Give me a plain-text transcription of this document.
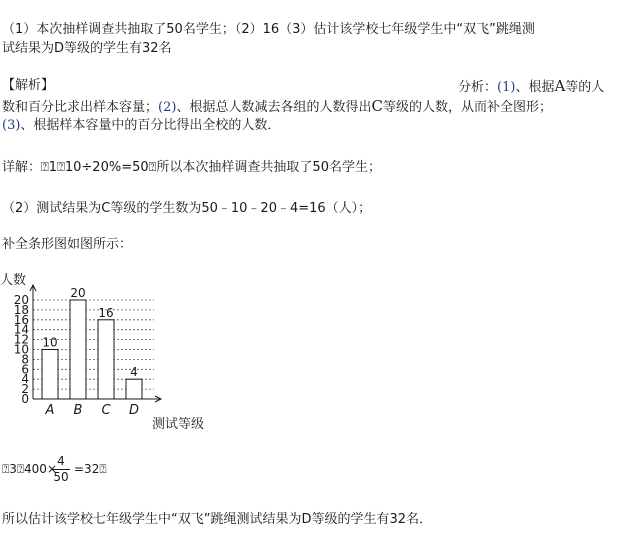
（1）本次抽样调查共抽取了50名学生；（2）16（3）估计该学校七年级学生中“双飞”跳绳测
试结果为D等级的学生有32名
【解析】	分析：(1)、根据A等的人
数和百分比求出样本容量；(2)、根据总人数减去各组的人数得出C等级的人数，从而补全图形；
(3)、根据样本容量中的百分比得出全校的人数．
详解：⍰1⍰10÷20%=50⍰所以本次抽样调查共抽取了50名学生；
（2）测试结果为C等级的学生数为50﹣10﹣20﹣4=16（人）；
补全条形图如图所示：
0
2
4
6
8
10
12
14
16
18
20
人数
10
A
20
B
16
C
4
D
测试等级
⍰3⍰400×
4
50
=32⍰
所以估计该学校七年级学生中“双飞”跳绳测试结果为D等级的学生有32名．
